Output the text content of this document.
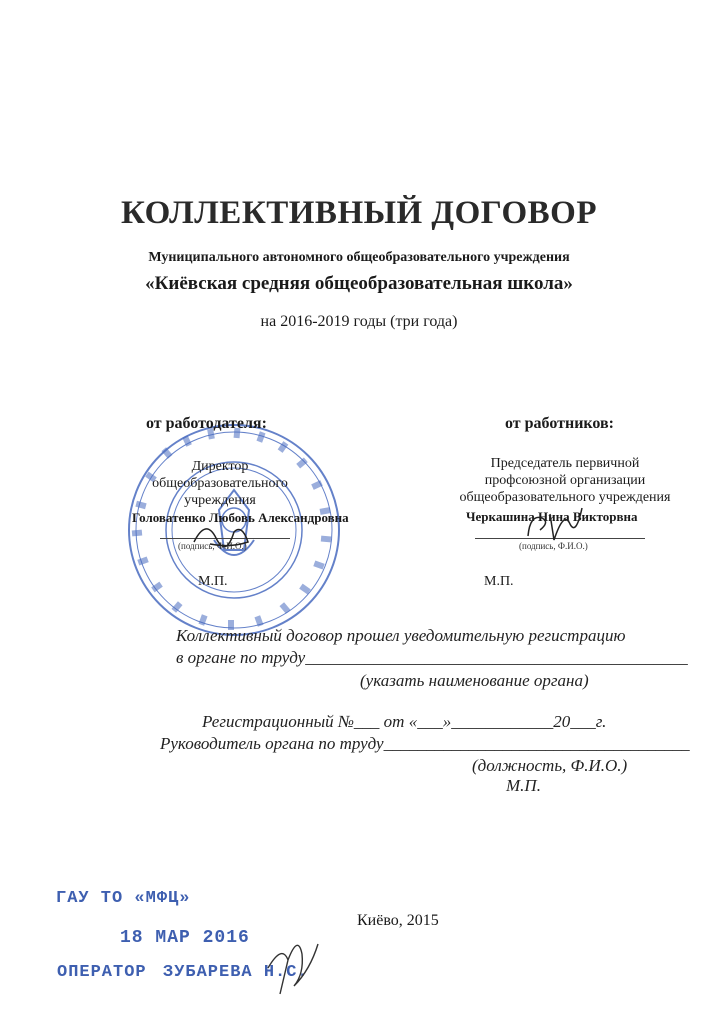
КОЛЛЕКТИВНЫЙ ДОГОВОР
Муниципального автономного общеобразовательного учреждения
«Киёвская средняя общеобразовательная школа»
на 2016-2019 годы (три года)
от работодателя:
Директор
общеобразовательного
учреждения
Головатенко Любовь Александровна
(подпись, Ф.И.О.)
М.П.
от работников:
Председатель первичной
профсоюзной организации
общеобразовательного учреждения
Черкашина Нина Викторвна
(подпись, Ф.И.О.)
М.П.
Коллективный договор прошел уведомительную регистрацию
в органе по труду_____________________________________________
(указать наименование органа)
Регистрационный №___ от «___»____________20___г.
Руководитель органа по труду____________________________________
(должность, Ф.И.О.)
М.П.
Киёво, 2015
ГАУ ТО «МФЦ»
18 МАР 2016
ОПЕРАТОР ЗУБАРЕВА Н.С.
